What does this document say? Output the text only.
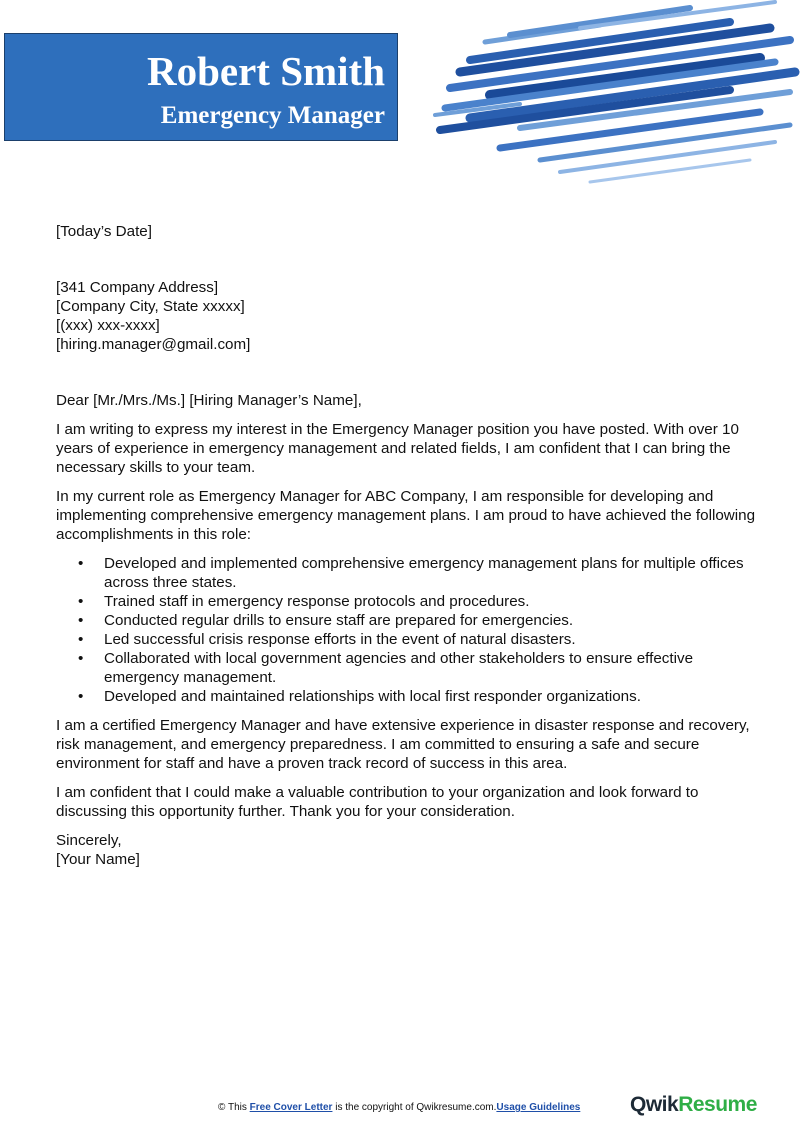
Robert Smith
Emergency Manager

[Today’s Date]

[341 Company Address]

[Company City, State xxxxx]

[(xxx) xxx-xxxx]

[hiring.manager@gmail.com]

Dear [Mr./Mrs./Ms.] [Hiring Manager’s Name],

I am writing to express my interest in the Emergency Manager position you have posted. With over 10 years of experience in emergency management and related fields, I am confident that I can bring the necessary skills to your team.

In my current role as Emergency Manager for ABC Company, I am responsible for developing and implementing comprehensive emergency management plans. I am proud to have achieved the following accomplishments in this role:

• Developed and implemented comprehensive emergency management plans for multiple offices across three states.
• Trained staff in emergency response protocols and procedures.
• Conducted regular drills to ensure staff are prepared for emergencies.
• Led successful crisis response efforts in the event of natural disasters.
• Collaborated with local government agencies and other stakeholders to ensure effective emergency management.
• Developed and maintained relationships with local first responder organizations.

I am a certified Emergency Manager and have extensive experience in disaster response and recovery, risk management, and emergency preparedness. I am committed to ensuring a safe and secure environment for staff and have a proven track record of success in this area.

I am confident that I could make a valuable contribution to your organization and look forward to discussing this opportunity further. Thank you for your consideration.

Sincerely,

[Your Name]

© This Free Cover Letter is the copyright of Qwikresume.com.Usage Guidelines QwikResume
